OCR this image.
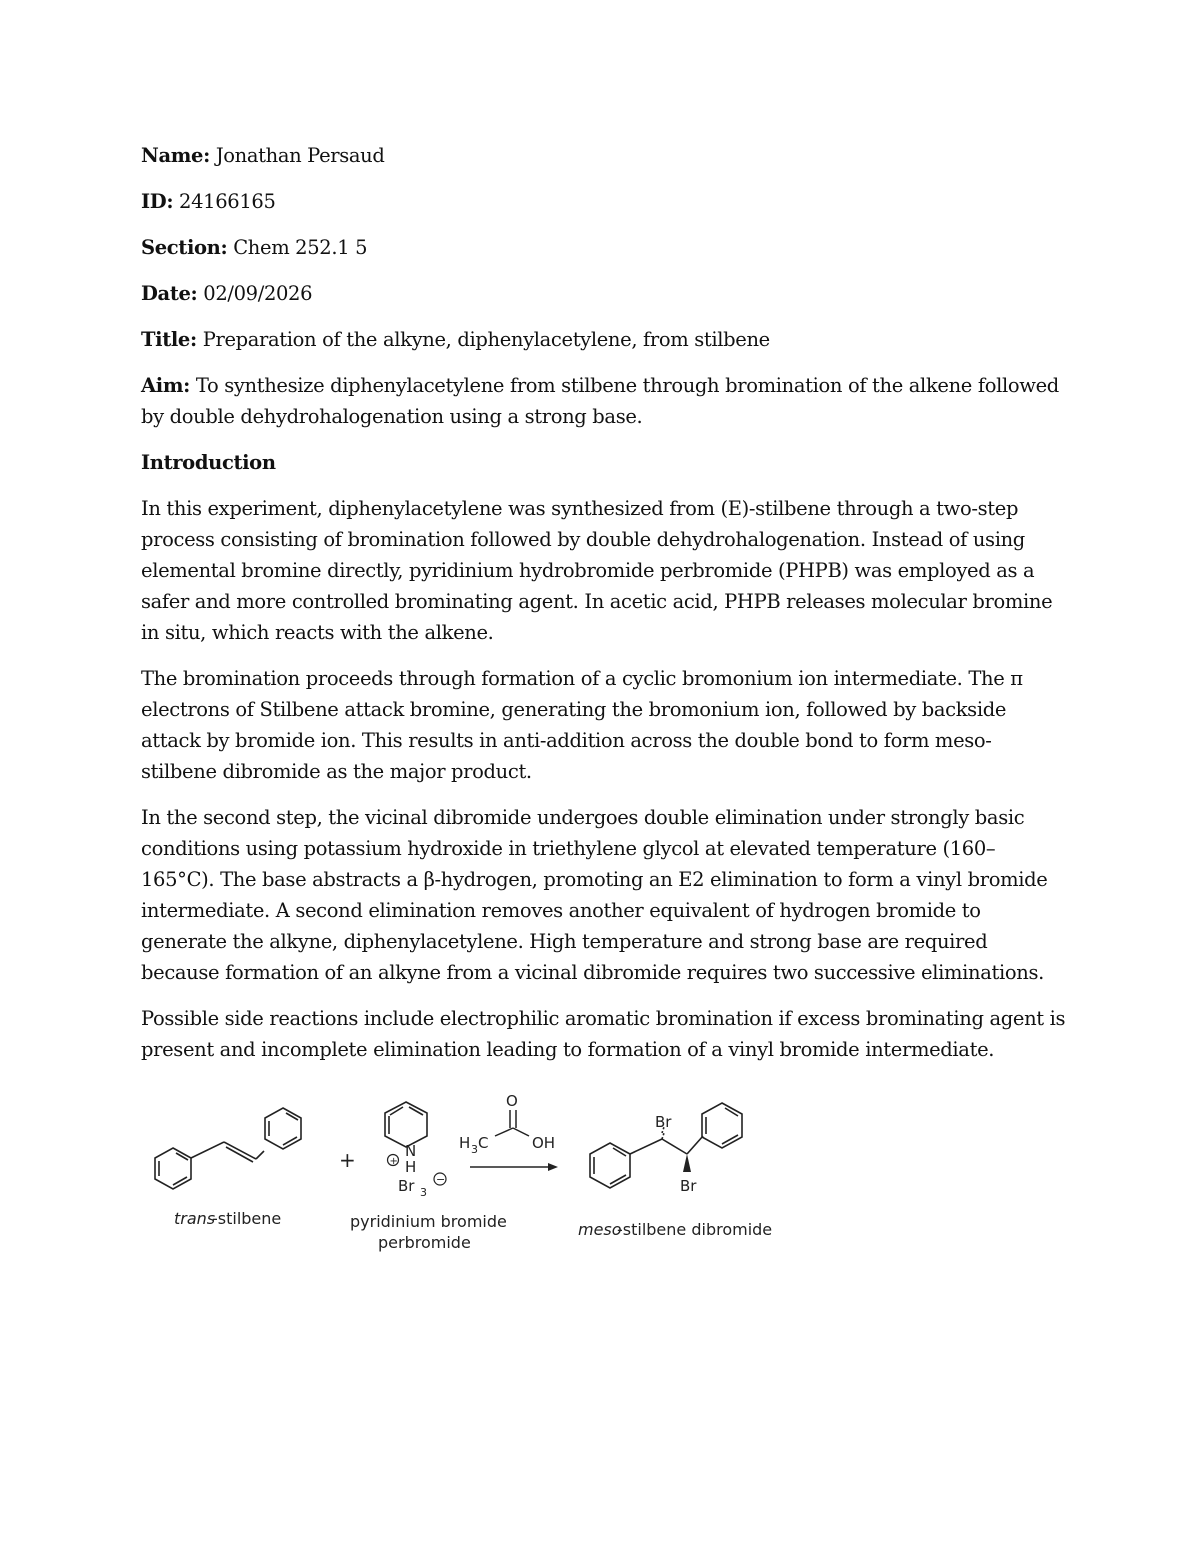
Name: Jonathan Persaud
ID: 24166165
Section: Chem 252.1 5
Date: 02/09/2026
Title: Preparation of the alkyne, diphenylacetylene, from stilbene
Aim: To synthesize diphenylacetylene from stilbene through bromination of the alkene followed by double dehydrohalogenation using a strong base.
Introduction

In this experiment, diphenylacetylene was synthesized from (E)-stilbene through a two-step process consisting of bromination followed by double dehydrohalogenation. Instead of using elemental bromine directly, pyridinium hydrobromide perbromide (PHPB) was employed as a safer and more controlled brominating agent. In acetic acid, PHPB releases molecular bromine in situ, which reacts with the alkene.

The bromination proceeds through formation of a cyclic bromonium ion intermediate. The π electrons of Stilbene attack bromine, generating the bromonium ion, followed by backside attack by bromide ion. This results in anti-addition across the double bond to form meso-stilbene dibromide as the major product.

In the second step, the vicinal dibromide undergoes double elimination under strongly basic conditions using potassium hydroxide in triethylene glycol at elevated temperature (160–165°C). The base abstracts a β-hydrogen, promoting an E2 elimination to form a vinyl bromide intermediate. A second elimination removes another equivalent of hydrogen bromide to generate the alkyne, diphenylacetylene. High temperature and strong base are required because formation of an alkyne from a vicinal dibromide requires two successive eliminations.

Possible side reactions include electrophilic aromatic bromination if excess brominating agent is present and incomplete elimination leading to formation of a vinyl bromide intermediate.

trans
-stilbene
+	+
N
H
Br 3
−
pyridinium bromide
perbromide
O
H 3 C	OH
Br
Br
meso
-stilbene dibromide
